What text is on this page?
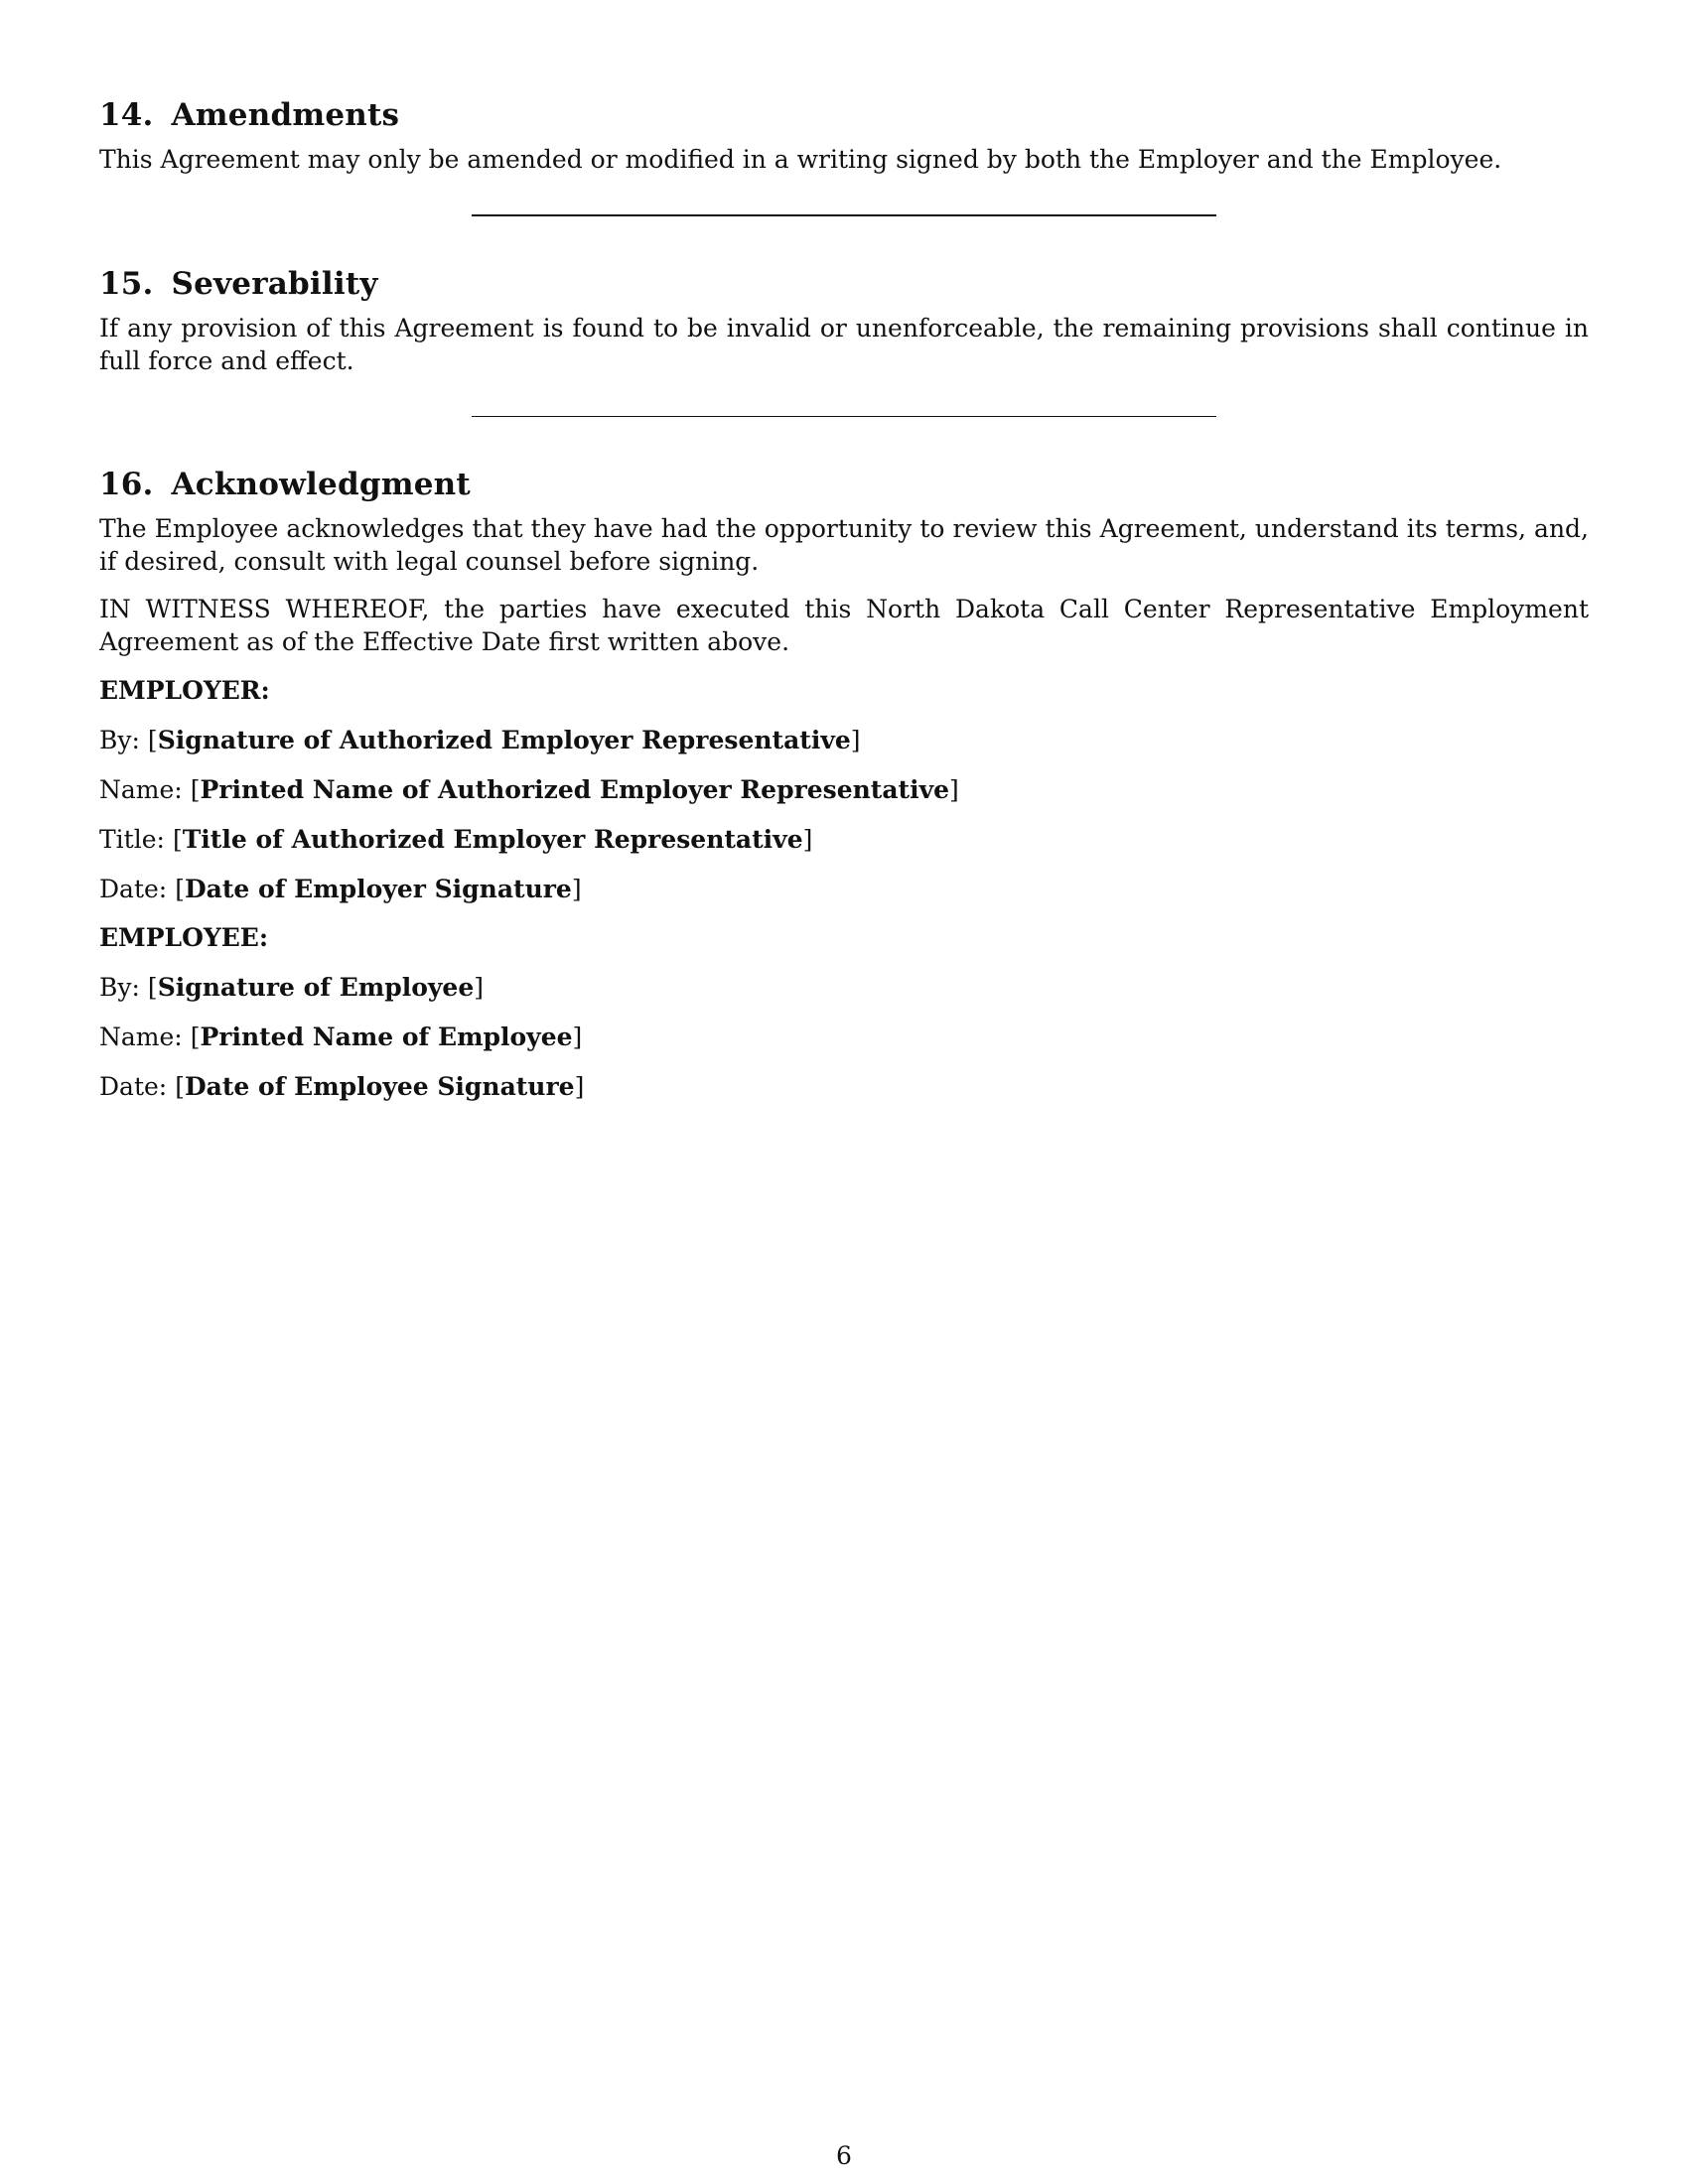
14. Amendments

This Agreement may only be amended or modified in a writing signed by both the Employer and the Employee.

15. Severability

If any provision of this Agreement is found to be invalid or unenforceable, the remaining provisions shall continue in full force and effect.

16. Acknowledgment

The Employee acknowledges that they have had the opportunity to review this Agreement, understand its terms, and, if desired, consult with legal counsel before signing.

IN WITNESS WHEREOF, the parties have executed this North Dakota Call Center Representative Employment Agreement as of the Effective Date first written above.

EMPLOYER:

By: [Signature of Authorized Employer Representative]

Name: [Printed Name of Authorized Employer Representative]

Title: [Title of Authorized Employer Representative]

Date: [Date of Employer Signature]

EMPLOYEE:

By: [Signature of Employee]

Name: [Printed Name of Employee]

Date: [Date of Employee Signature]

6
